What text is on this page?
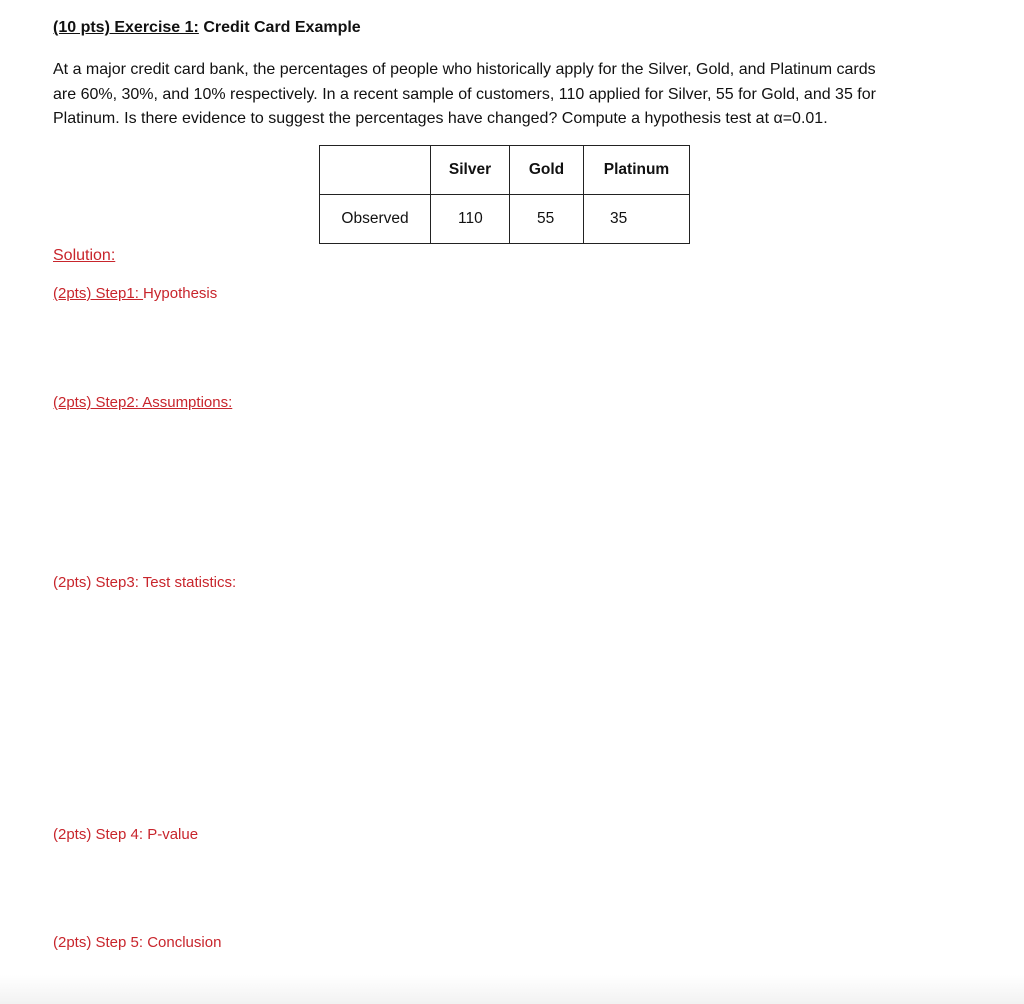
(10 pts) Exercise 1: Credit Card Example
At a major credit card bank, the percentages of people who historically apply for the Silver, Gold, and Platinum cards
are 60%, 30%, and 10% respectively. In a recent sample of customers, 110 applied for Silver, 55 for Gold, and 35 for
Platinum. Is there evidence to suggest the percentages have changed? Compute a hypothesis test at α=0.01.
	Silver	Gold	Platinum
Observed	110	55	35
Solution:
(2pts) Step1: Hypothesis
(2pts) Step2: Assumptions:
(2pts) Step3: Test statistics:
(2pts) Step 4: P-value
(2pts) Step 5: Conclusion
